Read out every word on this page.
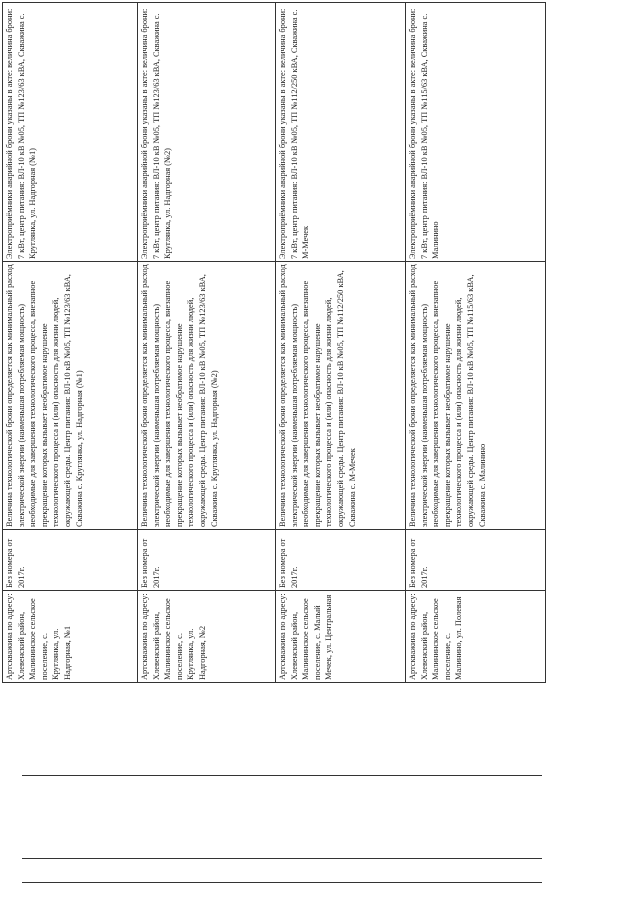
Артскважина по адресу: Хлевенский район, Малининское сельское поселение, с. Круглянка, ул. Надгорная, №1	Без номера от 2017г.	Величина технологической брони определяется как минимальный расход электрической энергии (наименьшая потребляемая мощность) необходимые для завершения технологического процесса, внезапное прекращение которых вызывает необратимое нарушение технологического процесса и (или) опасность для жизни людей, окружающей среды. Центр питания: ВЛ-10 кВ №05, ТП №123/63 кВА, Скважина с. Круглянка, ул. Надгорная (№1)	Электроприёмники аварийной брони указаны в акте: величина брони: 7 кВт, центр питания: ВЛ-10 кВ №05, ТП №123/63 кВА, Скважина с. Круглянка, ул. Надгорная (№1)
Артскважина по адресу: Хлевенский район, Малининское сельское поселение, с. Круглянка, ул. Надгорная, №2	Без номера от 2017г.	Величина технологической брони определяется как минимальный расход электрической энергии (наименьшая потребляемая мощность) необходимые для завершения технологического процесса, внезапное прекращение которых вызывает необратимое нарушение технологического процесса и (или) опасность для жизни людей, окружающей среды. Центр питания: ВЛ-10 кВ №05, ТП №123/63 кВА, Скважина с. Круглянка, ул. Надгорная (№2)	Электроприёмники аварийной брони указаны в акте: величина брони: 7 кВт, центр питания: ВЛ-10 кВ №05, ТП №123/63 кВА, Скважина с. Круглянка, ул. Надгорная (№2)
Артскважина по адресу: Хлевенский район, Малининское сельское поселение, с. Малый Мечек, ул. Центральная	Без номера от 2017г.	Величина технологической брони определяется как минимальный расход электрической энергии (наименьшая потребляемая мощность) необходимые для завершения технологического процесса, внезапное прекращение которых вызывает необратимое нарушение технологического процесса и (или) опасность для жизни людей, окружающей среды. Центр питания: ВЛ-10 кВ №05, ТП №112/250 кВА, Скважина с. М-Мечек	Электроприёмники аварийной брони указаны в акте: величина брони: 7 кВт, центр питания: ВЛ-10 кВ №05, ТП №112/250 кВА, Скважина с. М-Мечек
Артскважина по адресу: Хлевенский район, Малининское сельское поселение, с. Малинино, ул. Полевая	Без номера от 2017г.	Величина технологической брони определяется как минимальный расход электрической энергии (наименьшая потребляемая мощность) необходимые для завершения технологического процесса, внезапное прекращение которых вызывает необратимое нарушение технологического процесса и (или) опасность для жизни людей, окружающей среды. Центр питания: ВЛ-10 кВ №05, ТП №115/63 кВА, Скважина с. Малинино	Электроприёмники аварийной брони указаны в акте: величина брони: 7 кВт, центр питания: ВЛ-10 кВ №05, ТП №115/63 кВА, Скважина с. Малинино
